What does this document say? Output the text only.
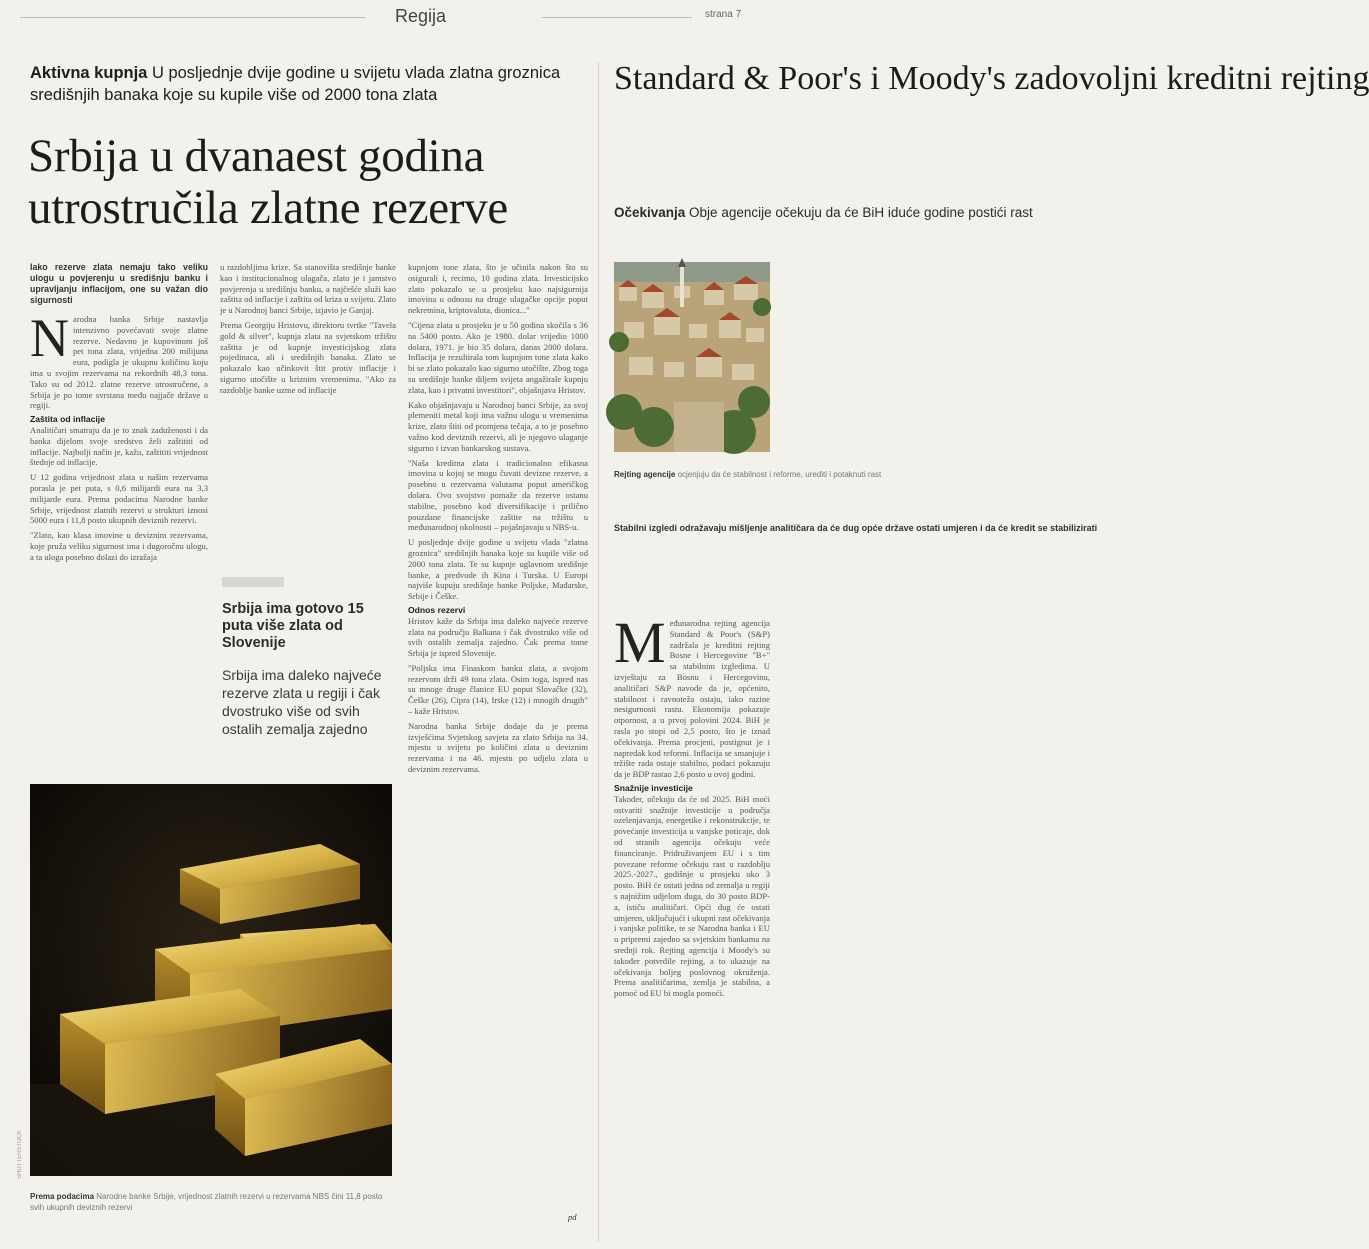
Regija	strana 7
Aktivna kupnja U posljednje dvije godine u svijetu vlada zlatna groznica središnjih banaka koje su kupile više od 2000 tona zlata
Srbija u dvanaest godina utrostručila zlatne rezerve

Iako rezerve zlata nemaju tako veliku ulogu u povjerenju u središnju banku i upravljanju inflacijom, one su važan dio sigurnosti

Narodna banka Srbije nastavlja intenzivno povećavati svoje zlatne rezerve. Nedavno je kupovinom još pet tona zlata, vrijedna 200 milijuna eura, podigla je ukupnu količinu koju ima u svojim rezervama na rekordnih 48,3 tona. Tako su od 2012. zlatne rezerve utrostručene, a Srbija je po tome svrstana među najjače države u regiji.

Zaštita od inflacije

Analitičari smatraju da je to znak zaduženosti i da banka dijelom svoje sredstvo želi zaštititi od inflacije. Najbolji način je, kažu, zaštititi vrijednost štednje od inflacije.

U 12 godina vrijednost zlata u našim rezervama porasla je pet puta, s 0,6 milijardi eura na 3,3 milijarde eura. Prema podacima Narodne banke Srbije, vrijednost zlatnih rezervi u strukturi iznosi 5000 eura i 11,8 posto ukupnih deviznih rezervi.

"Zlato, kao klasa imovine u deviznim rezervama, koje pruža veliku sigurnost ima i dugoročnu ulogu, a ta uloga posebno dolazi do izražaja

u razdobljima krize. Sa stanovišta središnje banke kao i institucionalnog ulagača, zlato je i jamstvo povjerenja u središnju banku, a najčešće služi kao zaštita od inflacije i zaštita od kriza u svijetu. Zlato je u Narodnoj banci Srbije, izjavio je Ganjaj.

Prema Georgiju Hristovu, direktoru tvrtke "Tavela gold & silver", kupnja zlata na svjetskom tržištu zaštita je od kupnje investicijskog zlata pojedinaca, ali i središnjih banaka. Zlato se pokazalo kao učinkovit štit protiv inflacije i sigurno utočište u kriznim vremenima. "Ako za razdoblje banke uzme od inflacije

Srbija ima gotovo 15 puta više zlata od Slovenije
Srbija ima daleko najveće rezerve zlata u regiji i čak dvostruko više od svih ostalih zemalja zajedno

kupnjom tone zlata, što je učinila nakon što su osigurali i, recimo, 10 godina zlata. Investicijsko zlato pokazalo se u prosjeku kao najsigurnija imovina u odnosu na druge ulagačke opcije poput nekretnina, kriptovaluta, dionica..."

"Cijena zlata u prosjeku je u 50 godina skočila s 36 na 5400 posto. Ako je 1980. dolar vrijedio 1000 dolara, 1971. je bio 35 dolara, danas 2000 dolara. Inflacija je rezultirala tom kupnjom tone zlata kako bi se zlato pokazalo kao sigurno utočište. Zbog toga su središnje banke diljem svijeta angažirale kupnju zlata, kao i privatni investitori", objašnjava Hristov.

Kako objašnjavaju u Narodnoj banci Srbije, za svoj plemeniti metal koji ima važnu ulogu u vremenima krize, zlato štiti od promjena tečaja, a to je posebno važno kod deviznih rezervi, ali je njegovo ulaganje sigurno i izvan bankarskog sustava.

"Naša kreditna zlata i tradicionalno efikasna imovina u kojoj se mogu čuvati devizne rezerve, a posebno u rezervama valutama poput američkog dolara. Ovo svojstvo pomaže da rezerve ostanu stabilne, posebno kod diversifikacije i prilično pouzdane financijske zaštite na tržištu u međunarodnoj okolnosti – pojašnjavaju u NBS-u.

U posljednje dvije godine u svijetu vlada "zlatna groznica" središnjih banaka koje su kupile više od 2000 tona zlata. Te su kupnje uglavnom središnje banke, a predvode ih Kina i Turska. U Europi najviše kupuju središnje banke Poljske, Mađarske, Srbije i Češke.

Odnos rezervi

Hristov kaže da Srbija ima daleko najveće rezerve zlata na području Balkana i čak dvostruko više od svih ostalih zemalja zajedno. Čak prema tome Srbija je ispred Slovenije.

"Poljska ima Finaskom banku zlata, a svojom rezervom drži 49 tona zlata. Osim toga, ispred nas su mnoge druge članice EU poput Slovačke (32), Češke (26), Cipra (14), Irske (12) i mnogih drugih" – kaže Hristov.

Narodna banka Srbije dodaje da je prema izvješćima Svjetskog savjeta za zlato Srbija na 34. mjestu u svijetu po količini zlata u deviznim rezervama i na 46. mjestu po udjelu zlata u deviznim rezervama.

pd
SHUTTERSTOCK
Prema podacima Narodne banke Srbije, vrijednost zlatnih rezervi u rezervama NBS čini 11,8 posto svih ukupnih deviznih rezervi
Standard & Poor's i Moody's zadovoljni kreditni rejting
Očekivanja Obje agencije očekuju da će BiH iduće godine postići rast
Rejting agencije ocjenjuju da će stabilnost i reforme, urediti i potaknuti rast
Stabilni izgledi odražavaju mišljenje analitičara da će dug opće države ostati umjeren i da će kredit se stabilizirati

Međunarodna rejting agencija Standard & Poor's (S&P) zadržala je kreditni rejting Bosne i Hercegovine "B+" sa stabilnim izgledima. U izvještaju za Bosnu i Hercegovinu, analitičari S&P navode da je, općenito, stabilnost i ravnoteža ostaju, iako razine nesigurnosti rastu. Ekonomija pokazuje otpornost, a u prvoj polovini 2024. BiH je rasla po stopi od 2,5 posto, što je iznad očekivanja. Prema procjeni, postignut je i napredak kod reformi. Inflacija se smanjuje i tržište rada ostaje stabilno, podaci pokazuju da je BDP rastao 2,6 posto u ovoj godini.

Snažnije investicije

Također, očekuju da će od 2025. BiH moći ostvariti snažnije investicije u područja ozelenjavanja, energetike i rekonstrukcije, te povećanje investicija u vanjske poticaje, dok od stranih agencija očekuju veće financiranje. Pridruživanjem EU i s tim povezane reforme očekuju rast u razdoblju 2025.-2027., godišnje u prosjeku oko 3 posto. BiH će ostati jedna od zemalja u regiji s najnižim udjelom duga, do 30 posto BDP-a, ističu analitičari. Opći dug će ostati umjeren, uključujući i ukupni rast očekivanja i vanjske politike, te se Narodna banka i EU u pripremi zajedno sa svjetskim bankama na srednji rok. Rejting agencija i Moody's su također potvrdile rejting, a to ukazuje na očekivanja boljeg poslovnog okruženja. Prema analitičarima, zemlja je stabilna, a pomoć od EU bi mogla pomoći.
